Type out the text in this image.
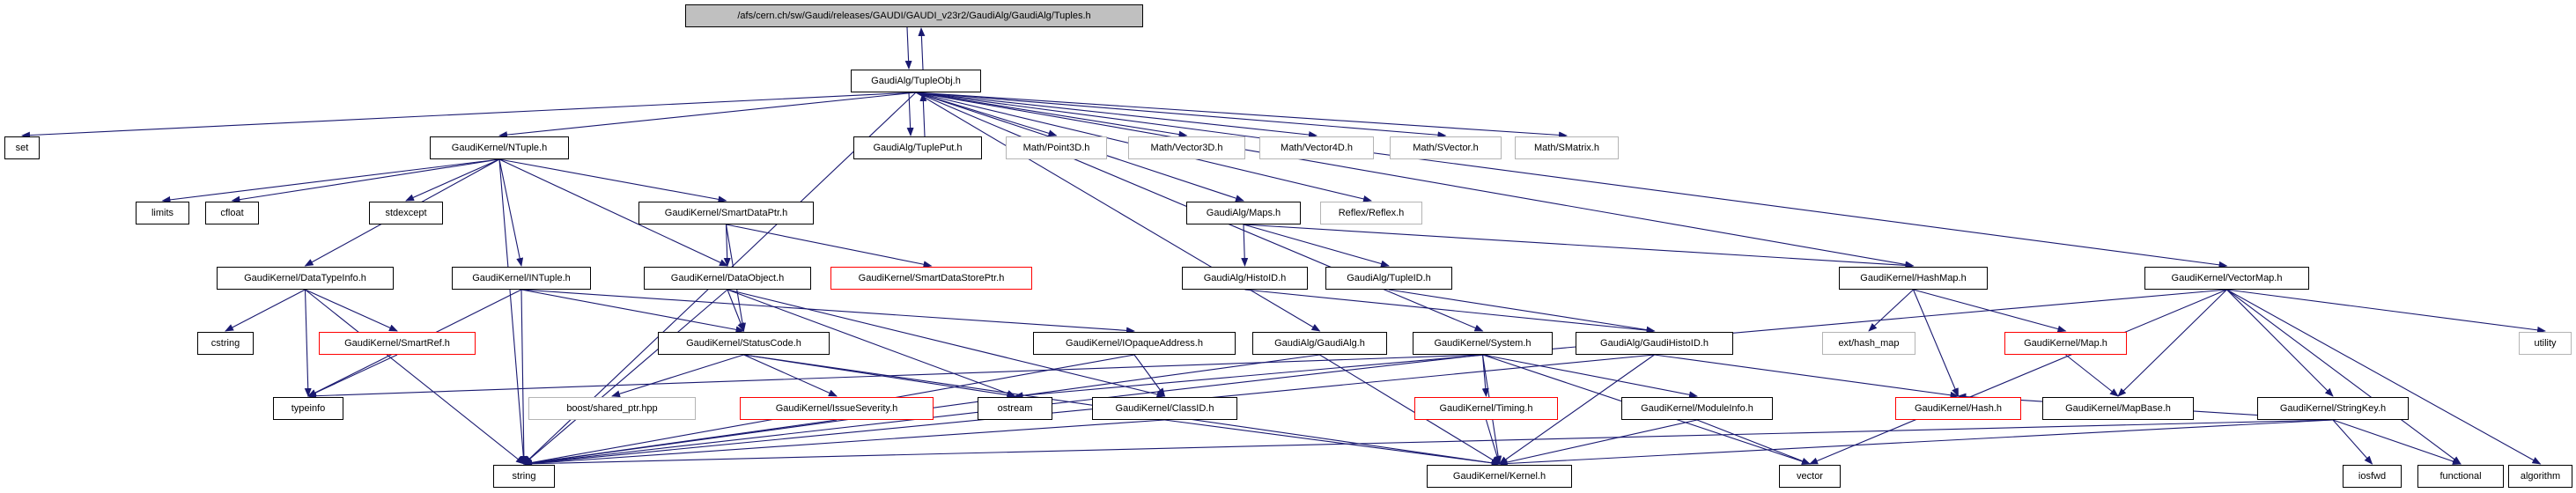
/afs/cern.ch/sw/Gaudi/releases/GAUDI/GAUDI_v23r2/GaudiAlg/GaudiAlg/Tuples.h
GaudiAlg/TupleObj.h
set	GaudiKernel/NTuple.h	GaudiAlg/TuplePut.h	Math/Point3D.h	Math/Vector3D.h	Math/Vector4D.h	Math/SVector.h	Math/SMatrix.h
limits	cfloat	stdexcept	GaudiKernel/SmartDataPtr.h	GaudiAlg/Maps.h	Reflex/Reflex.h
GaudiKernel/DataTypeInfo.h	GaudiKernel/INTuple.h	GaudiKernel/DataObject.h	GaudiKernel/SmartDataStorePtr.h	GaudiAlg/HistoID.h	GaudiAlg/TupleID.h	GaudiKernel/HashMap.h	GaudiKernel/VectorMap.h
cstring	GaudiKernel/SmartRef.h	GaudiKernel/StatusCode.h	GaudiKernel/IOpaqueAddress.h	GaudiAlg/GaudiAlg.h	GaudiKernel/System.h	GaudiAlg/GaudiHistoID.h	ext/hash_map	GaudiKernel/Map.h	utility
typeinfo	boost/shared_ptr.hpp	GaudiKernel/IssueSeverity.h	ostream	GaudiKernel/ClassID.h	GaudiKernel/Timing.h	GaudiKernel/ModuleInfo.h	GaudiKernel/Hash.h	GaudiKernel/MapBase.h	GaudiKernel/StringKey.h
string	GaudiKernel/Kernel.h	vector	iosfwd	functional	algorithm
